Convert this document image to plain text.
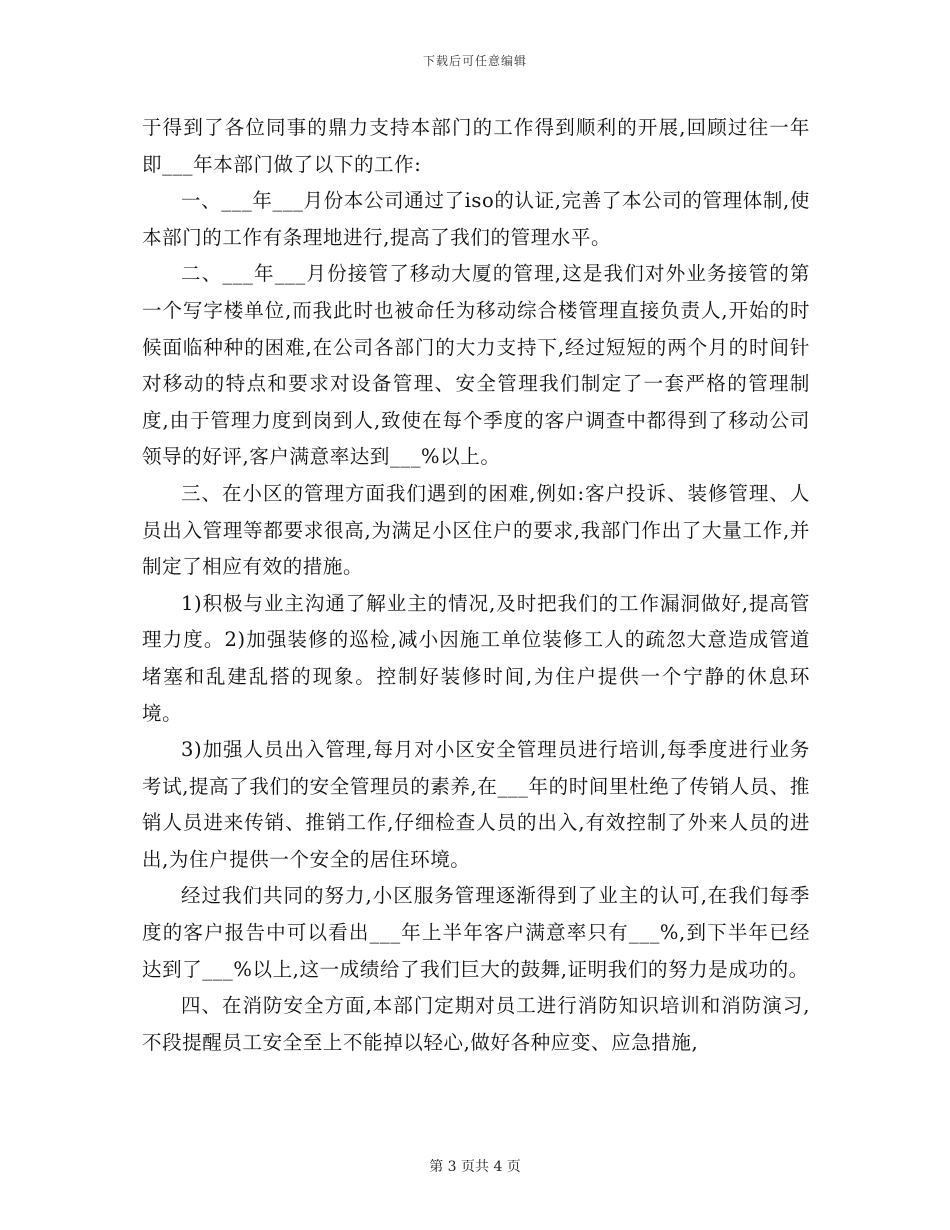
下载后可任意编辑

于得到了各位同事的鼎力支持本部门的工作得到顺利的开展,回顾过往一年即___年本部门做了以下的工作:

一、___年___月份本公司通过了iso的认证,完善了本公司的管理体制,使本部门的工作有条理地进行,提高了我们的管理水平。

二、___年___月份接管了移动大厦的管理,这是我们对外业务接管的第一个写字楼单位,而我此时也被命任为移动综合楼管理直接负责人,开始的时候面临种种的困难,在公司各部门的大力支持下,经过短短的两个月的时间针对移动的特点和要求对设备管理、安全管理我们制定了一套严格的管理制度,由于管理力度到岗到人,致使在每个季度的客户调查中都得到了移动公司领导的好评,客户满意率达到___%以上。

三、在小区的管理方面我们遇到的困难,例如:客户投诉、装修管理、人员出入管理等都要求很高,为满足小区住户的要求,我部门作出了大量工作,并制定了相应有效的措施。

1)积极与业主沟通了解业主的情况,及时把我们的工作漏洞做好,提高管理力度。2)加强装修的巡检,减小因施工单位装修工人的疏忽大意造成管道堵塞和乱建乱搭的现象。控制好装修时间,为住户提供一个宁静的休息环境。

3)加强人员出入管理,每月对小区安全管理员进行培训,每季度进行业务考试,提高了我们的安全管理员的素养,在___年的时间里杜绝了传销人员、推销人员进来传销、推销工作,仔细检查人员的出入,有效控制了外来人员的进出,为住户提供一个安全的居住环境。

经过我们共同的努力,小区服务管理逐渐得到了业主的认可,在我们每季度的客户报告中可以看出___年上半年客户满意率只有___%,到下半年已经达到了___%以上,这一成绩给了我们巨大的鼓舞,证明我们的努力是成功的。

四、在消防安全方面,本部门定期对员工进行消防知识培训和消防演习,不段提醒员工安全至上不能掉以轻心,做好各种应变、应急措施,

第 3 页共 4 页
